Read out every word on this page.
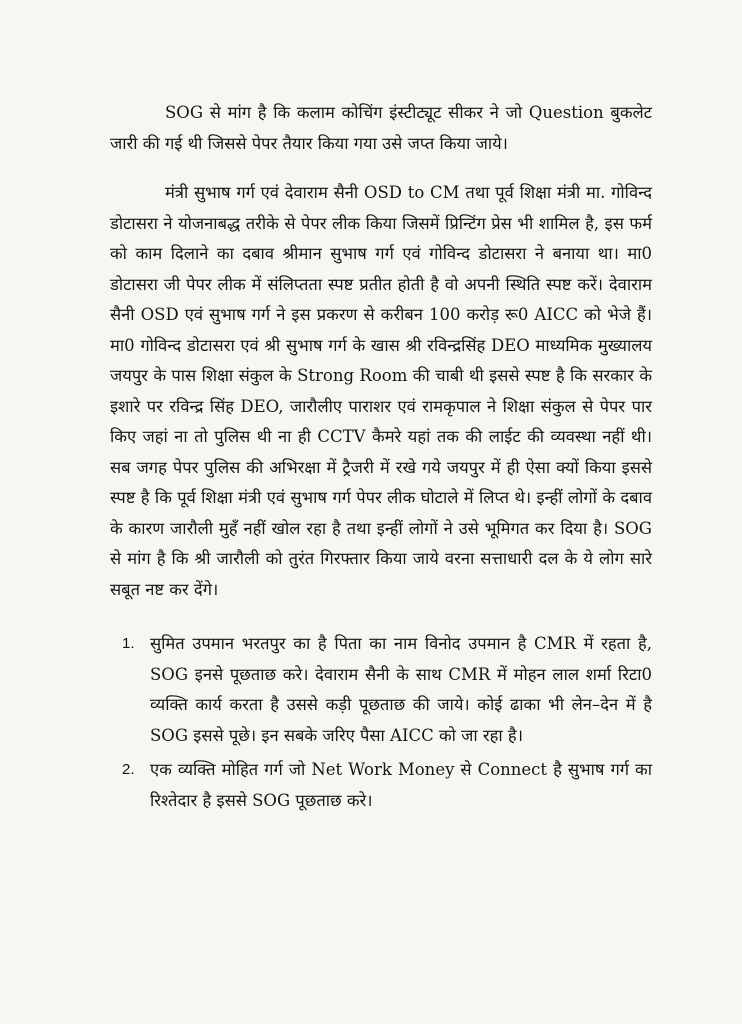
SOG से मांग है कि कलाम कोचिंग इंस्टीट्यूट सीकर ने जो Question बुकलेट जारी की गई थी जिससे पेपर तैयार किया गया उसे जप्त किया जाये।

मंत्री सुभाष गर्ग एवं देवाराम सैनी OSD to CM तथा पूर्व शिक्षा मंत्री मा. गोविन्द डोटासरा ने योजनाबद्ध तरीके से पेपर लीक किया जिसमें प्रिन्टिंग प्रेस भी शामिल है, इस फर्म को काम दिलाने का दबाव श्रीमान सुभाष गर्ग एवं गोविन्द डोटासरा ने बनाया था। मा0 डोटासरा जी पेपर लीक में संलिप्तता स्पष्ट प्रतीत होती है वो अपनी स्थिति स्पष्ट करें। देवाराम सैनी OSD एवं सुभाष गर्ग ने इस प्रकरण से करीबन 100 करोड़ रू0 AICC को भेजे हैं। मा0 गोविन्द डोटासरा एवं श्री सुभाष गर्ग के खास श्री रविन्द्रसिंह DEO माध्यमिक मुख्यालय जयपुर के पास शिक्षा संकुल के Strong Room की चाबी थी इससे स्पष्ट है कि सरकार के इशारे पर रविन्द्र सिंह DEO, जारौलीए पाराशर एवं रामकृपाल ने शिक्षा संकुल से पेपर पार किए जहां ना तो पुलिस थी ना ही CCTV कैमरे यहां तक की लाईट की व्यवस्था नहीं थी। सब जगह पेपर पुलिस की अभिरक्षा में ट्रैजरी में रखे गये जयपुर में ही ऐसा क्यों किया इससे स्पष्ट है कि पूर्व शिक्षा मंत्री एवं सुभाष गर्ग पेपर लीक घोटाले में लिप्त थे। इन्हीं लोगों के दबाव के कारण जारौली मुहँ नहीं खोल रहा है तथा इन्हीं लोगों ने उसे भूमिगत कर दिया है। SOG से मांग है कि श्री जारौली को तुरंत गिरफ्तार किया जाये वरना सत्ताधारी दल के ये लोग सारे सबूत नष्ट कर देंगे।

1. सुमित उपमान भरतपुर का है पिता का नाम विनोद उपमान है CMR में रहता है, SOG इनसे पूछताछ करे। देवाराम सैनी के साथ CMR में मोहन लाल शर्मा रिटा0 व्यक्ति कार्य करता है उससे कड़ी पूछताछ की जाये। कोई ढाका भी लेन–देन में है SOG इससे पूछे। इन सबके जरिए पैसा AICC को जा रहा है।
2. एक व्यक्ति मोहित गर्ग जो Net Work Money से Connect है सुभाष गर्ग का रिश्तेदार है इससे SOG पूछताछ करे।
